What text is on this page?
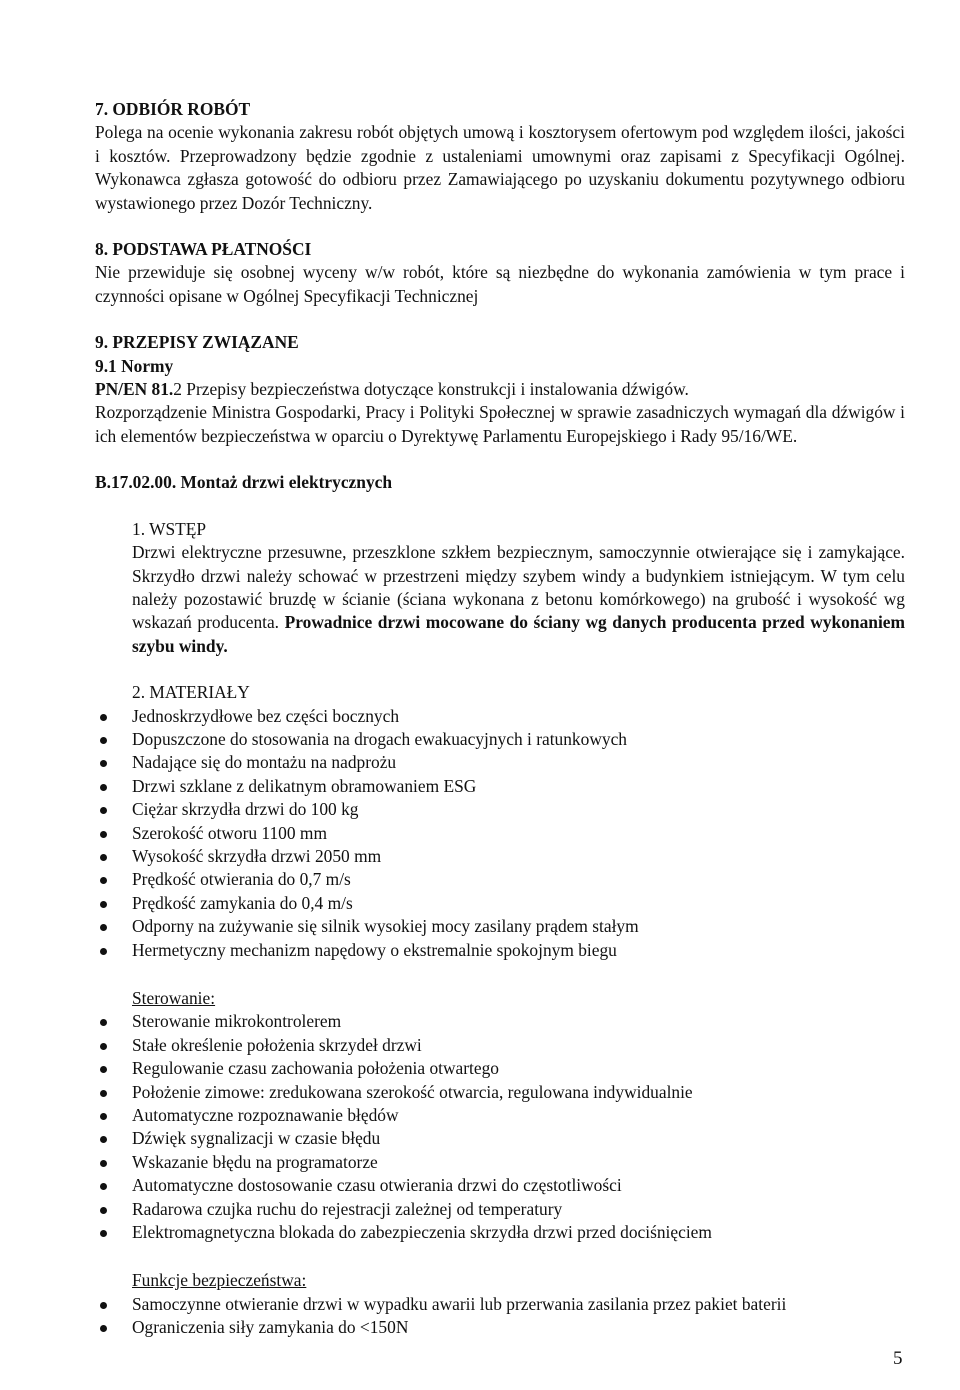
7. ODBIÓR ROBÓT
Polega na ocenie wykonania zakresu robót objętych umową i kosztorysem ofertowym pod względem ilości, jakości i kosztów. Przeprowadzony będzie zgodnie z ustaleniami umownymi oraz zapisami z Specyfikacji Ogólnej. Wykonawca zgłasza gotowość do odbioru przez Zamawiającego po uzyskaniu dokumentu pozytywnego odbioru wystawionego przez Dozór Techniczny.
8. PODSTAWA PŁATNOŚCI
Nie przewiduje się osobnej wyceny w/w robót, które są niezbędne do wykonania zamówienia w tym prace i czynności opisane w Ogólnej Specyfikacji Technicznej
9. PRZEPISY ZWIĄZANE
9.1 Normy
PN/EN 81.2 Przepisy bezpieczeństwa dotyczące konstrukcji i instalowania dźwigów.
Rozporządzenie Ministra Gospodarki, Pracy i Polityki Społecznej w sprawie zasadniczych wymagań dla dźwigów i ich elementów bezpieczeństwa w oparciu o Dyrektywę Parlamentu Europejskiego i Rady 95/16/WE.
B.17.02.00. Montaż drzwi elektrycznych
1. WSTĘP
Drzwi elektryczne przesuwne, przeszklone szkłem bezpiecznym, samoczynnie otwierające się i zamykające. Skrzydło drzwi należy schować w przestrzeni między szybem windy a budynkiem istniejącym. W tym celu należy pozostawić bruzdę w ścianie (ściana wykonana z betonu komórkowego) na grubość i wysokość wg wskazań producenta. Prowadnice drzwi mocowane do ściany wg danych producenta przed wykonaniem szybu windy.
2. MATERIAŁY
Jednoskrzydłowe bez części bocznych
Dopuszczone do stosowania na drogach ewakuacyjnych i ratunkowych
Nadające się do montażu na nadprożu
Drzwi szklane z delikatnym obramowaniem ESG
Ciężar skrzydła drzwi do 100 kg
Szerokość otworu 1100 mm
Wysokość skrzydła drzwi 2050 mm
Prędkość otwierania do 0,7 m/s
Prędkość zamykania do 0,4 m/s
Odporny na zużywanie się silnik wysokiej mocy zasilany prądem stałym
Hermetyczny mechanizm napędowy o ekstremalnie spokojnym biegu
Sterowanie:
Sterowanie mikrokontrolerem
Stałe określenie położenia skrzydeł drzwi
Regulowanie czasu zachowania położenia otwartego
Położenie zimowe: zredukowana szerokość otwarcia, regulowana indywidualnie
Automatyczne rozpoznawanie błędów
Dźwięk sygnalizacji w czasie błędu
Wskazanie błędu na programatorze
Automatyczne dostosowanie czasu otwierania drzwi do częstotliwości
Radarowa czujka ruchu do rejestracji zależnej od temperatury
Elektromagnetyczna blokada do zabezpieczenia skrzydła drzwi przed dociśnięciem
Funkcje bezpieczeństwa:
Samoczynne otwieranie drzwi w wypadku awarii lub przerwania zasilania przez pakiet baterii
Ograniczenia siły zamykania do <150N
5
